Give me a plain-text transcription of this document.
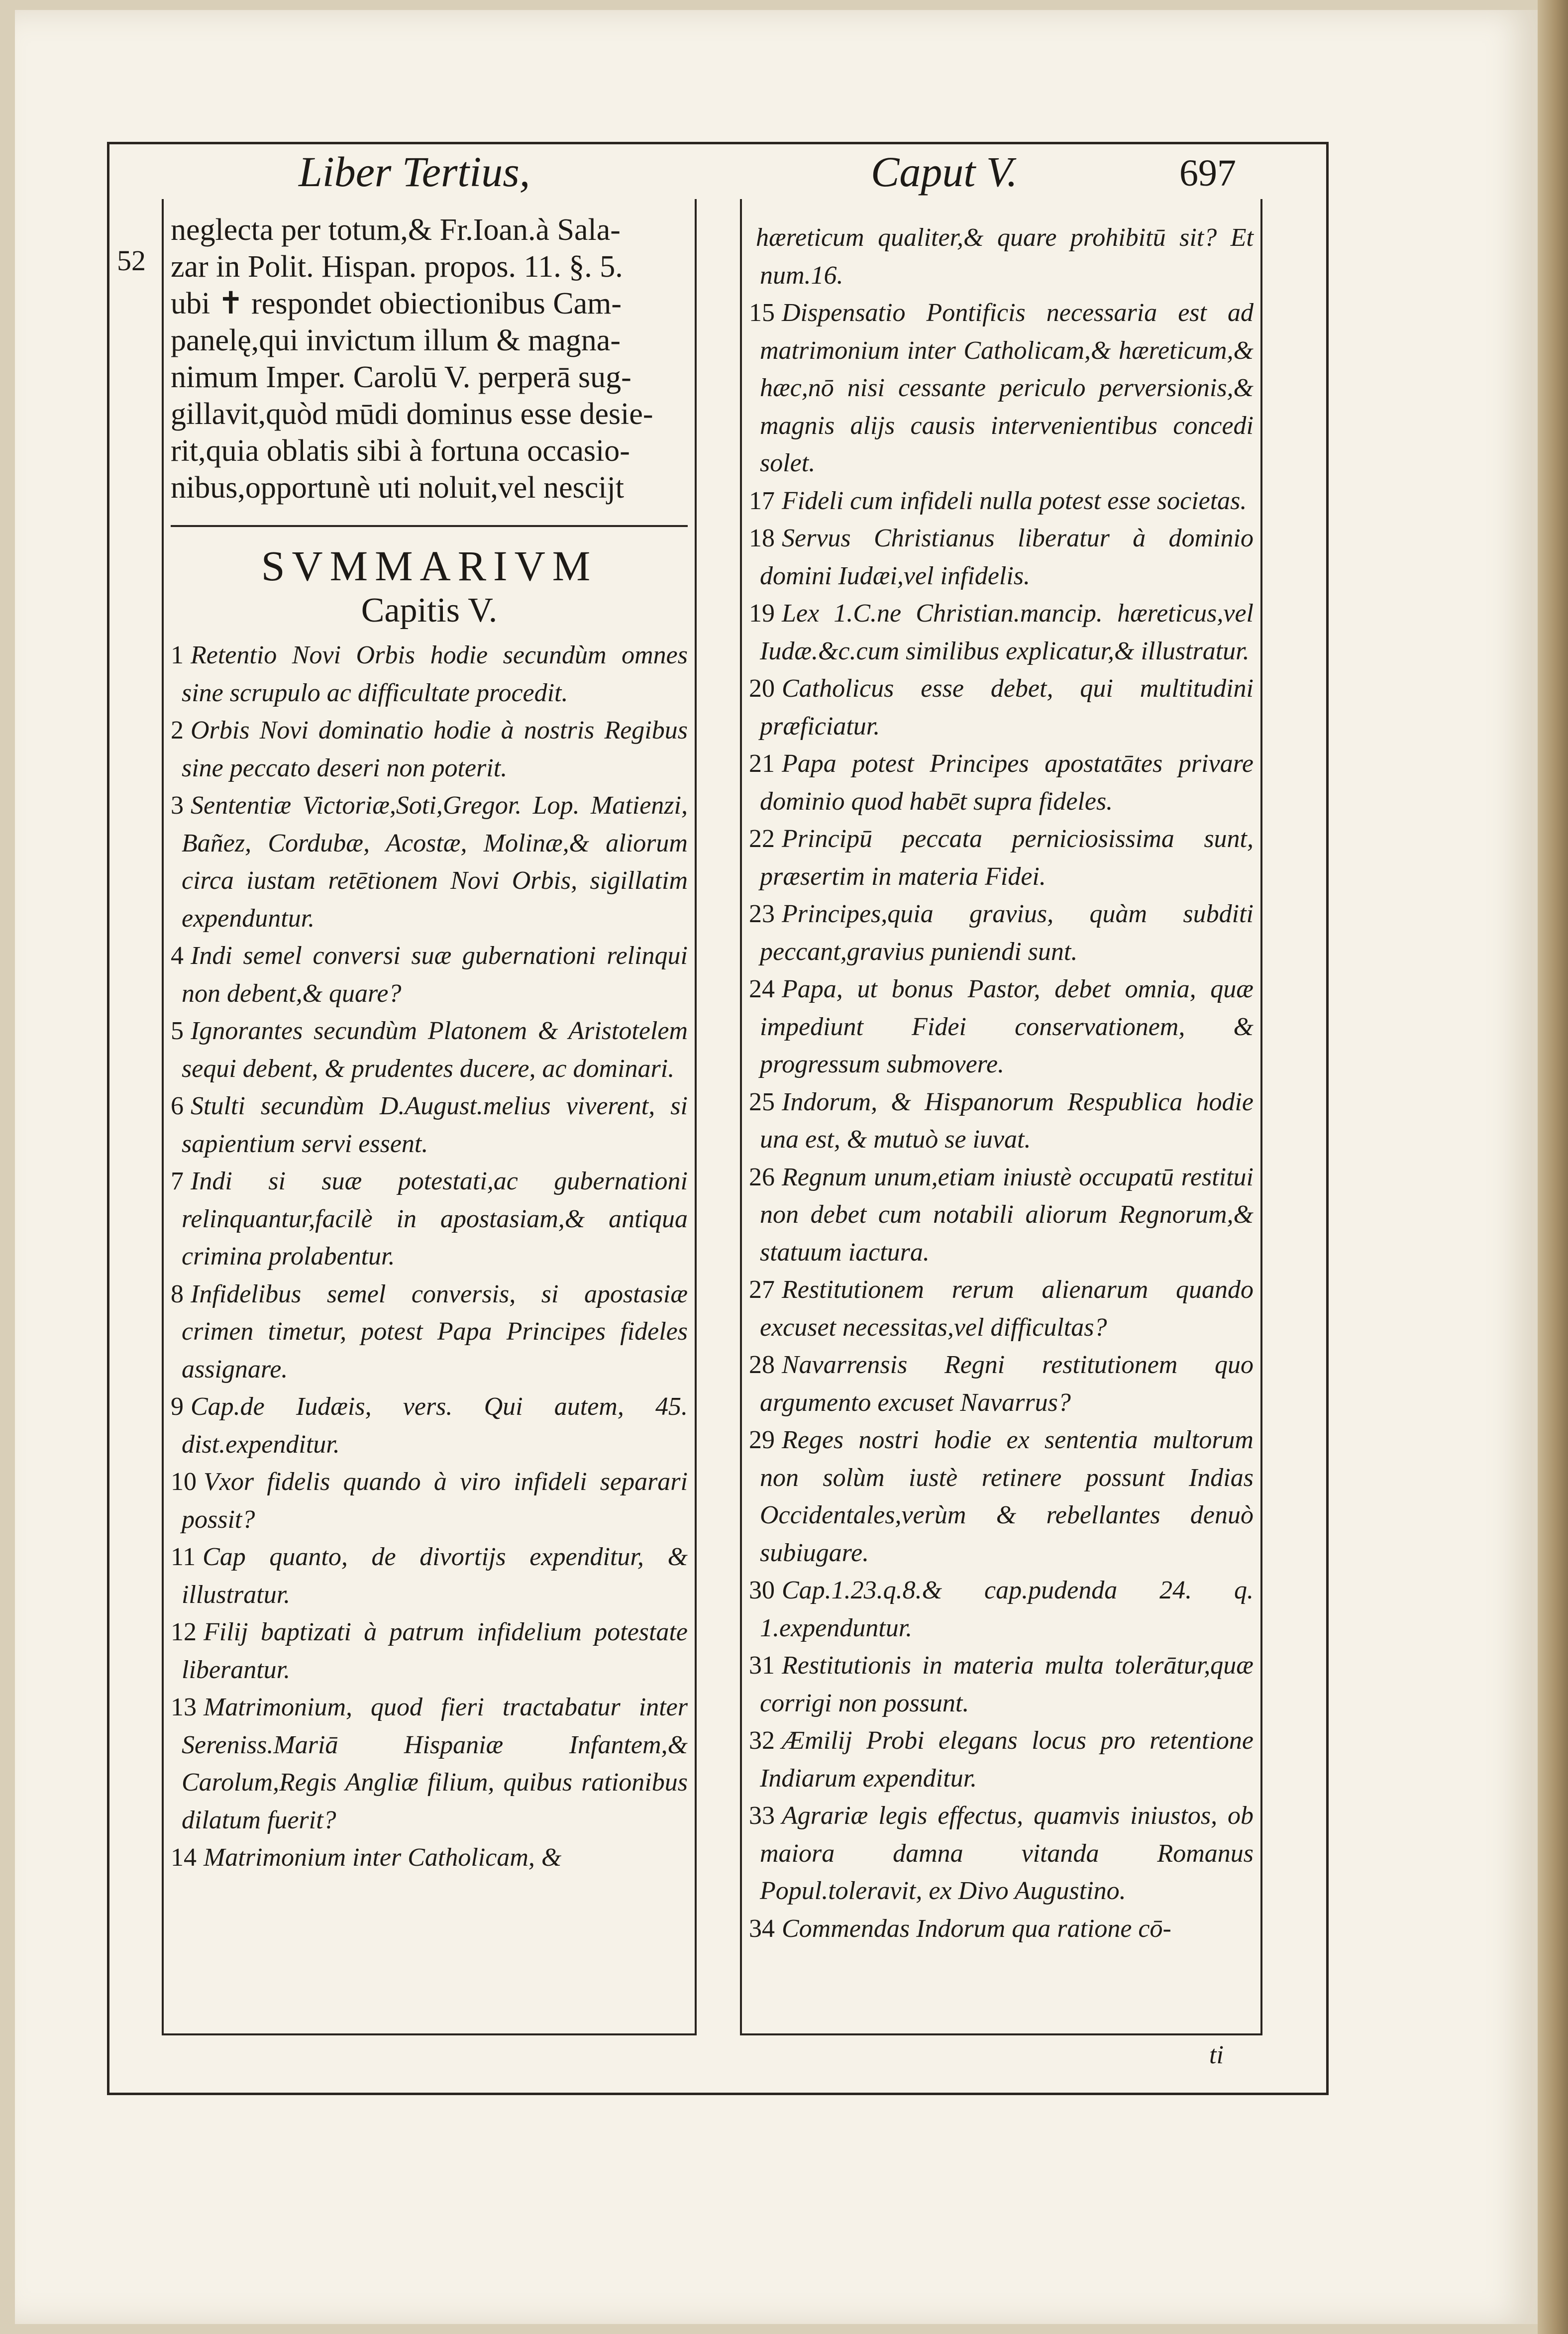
Liber Tertius,	Caput V.	697
52
neglecta per totum,& Fr.Ioan.à Sala-
zar in Polit. Hispan. propos. 11. §. 5.
ubi ✝ respondet obiectionibus Cam-
panelę,qui invictum illum & magna-
nimum Imper. Carolū V. perperā sug-
gillavit,quòd mūdi dominus esse desie-
rit,quia oblatis sibi à fortuna occasio-
nibus,opportunè uti noluit,vel nescijt
SVMMARIVM
Capitis V.
1 Retentio Novi Orbis hodie secundùm omnes sine scrupulo ac difficultate procedit.
2 Orbis Novi dominatio hodie à nostris Regibus sine peccato deseri non poterit.
3 Sententiæ Victoriæ,Soti,Gregor. Lop. Matienzi, Bañez, Cordubæ, Acostæ, Molinæ,& aliorum circa iustam retētionem Novi Orbis, sigillatim expenduntur.
4 Indi semel conversi suæ gubernationi relinqui non debent,& quare?
5 Ignorantes secundùm Platonem & Aristotelem sequi debent, & prudentes ducere, ac dominari.
6 Stulti secundùm D.August.melius viverent, si sapientium servi essent.
7 Indi si suæ potestati,ac gubernationi relinquantur,facilè in apostasiam,& antiqua crimina prolabentur.
8 Infidelibus semel conversis, si apostasiæ crimen timetur, potest Papa Principes fideles assignare.
9 Cap.de Iudæis, vers. Qui autem, 45. dist.expenditur.
10 Vxor fidelis quando à viro infideli separari possit?
11 Cap quanto, de divortijs expenditur, & illustratur.
12 Filij baptizati à patrum infidelium potestate liberantur.
13 Matrimonium, quod fieri tractabatur inter Sereniss.Mariā Hispaniæ Infantem,& Carolum,Regis Angliæ filium, quibus rationibus dilatum fuerit?
14 Matrimonium inter Catholicam, &
hæreticum qualiter,& quare prohibitū sit? Et num.16.
15 Dispensatio Pontificis necessaria est ad matrimonium inter Catholicam,& hæreticum,& hæc,nō nisi cessante periculo perversionis,& magnis alijs causis intervenientibus concedi solet.
17 Fideli cum infideli nulla potest esse societas.
18 Servus Christianus liberatur à dominio domini Iudæi,vel infidelis.
19 Lex 1.C.ne Christian.mancip. hæreticus,vel Iudæ.&c.cum similibus explicatur,& illustratur.
20 Catholicus esse debet, qui multitudini præficiatur.
21 Papa potest Principes apostatātes privare dominio quod habēt supra fideles.
22 Principū peccata perniciosissima sunt, præsertim in materia Fidei.
23 Principes,quia gravius, quàm subditi peccant,gravius puniendi sunt.
24 Papa, ut bonus Pastor, debet omnia, quæ impediunt Fidei conservationem, & progressum submovere.
25 Indorum, & Hispanorum Respublica hodie una est, & mutuò se iuvat.
26 Regnum unum,etiam iniustè occupatū restitui non debet cum notabili aliorum Regnorum,& statuum iactura.
27 Restitutionem rerum alienarum quando excuset necessitas,vel difficultas?
28 Navarrensis Regni restitutionem quo argumento excuset Navarrus?
29 Reges nostri hodie ex sententia multorum non solùm iustè retinere possunt Indias Occidentales,verùm & rebellantes denuò subiugare.
30 Cap.1.23.q.8.& cap.pudenda 24. q. 1.expenduntur.
31 Restitutionis in materia multa tolerātur,quæ corrigi non possunt.
32 Æmilij Probi elegans locus pro retentione Indiarum expenditur.
33 Agrariæ legis effectus, quamvis iniustos, ob maiora damna vitanda Romanus Popul.toleravit, ex Divo Augustino.
34 Commendas Indorum qua ratione cō-
ti
